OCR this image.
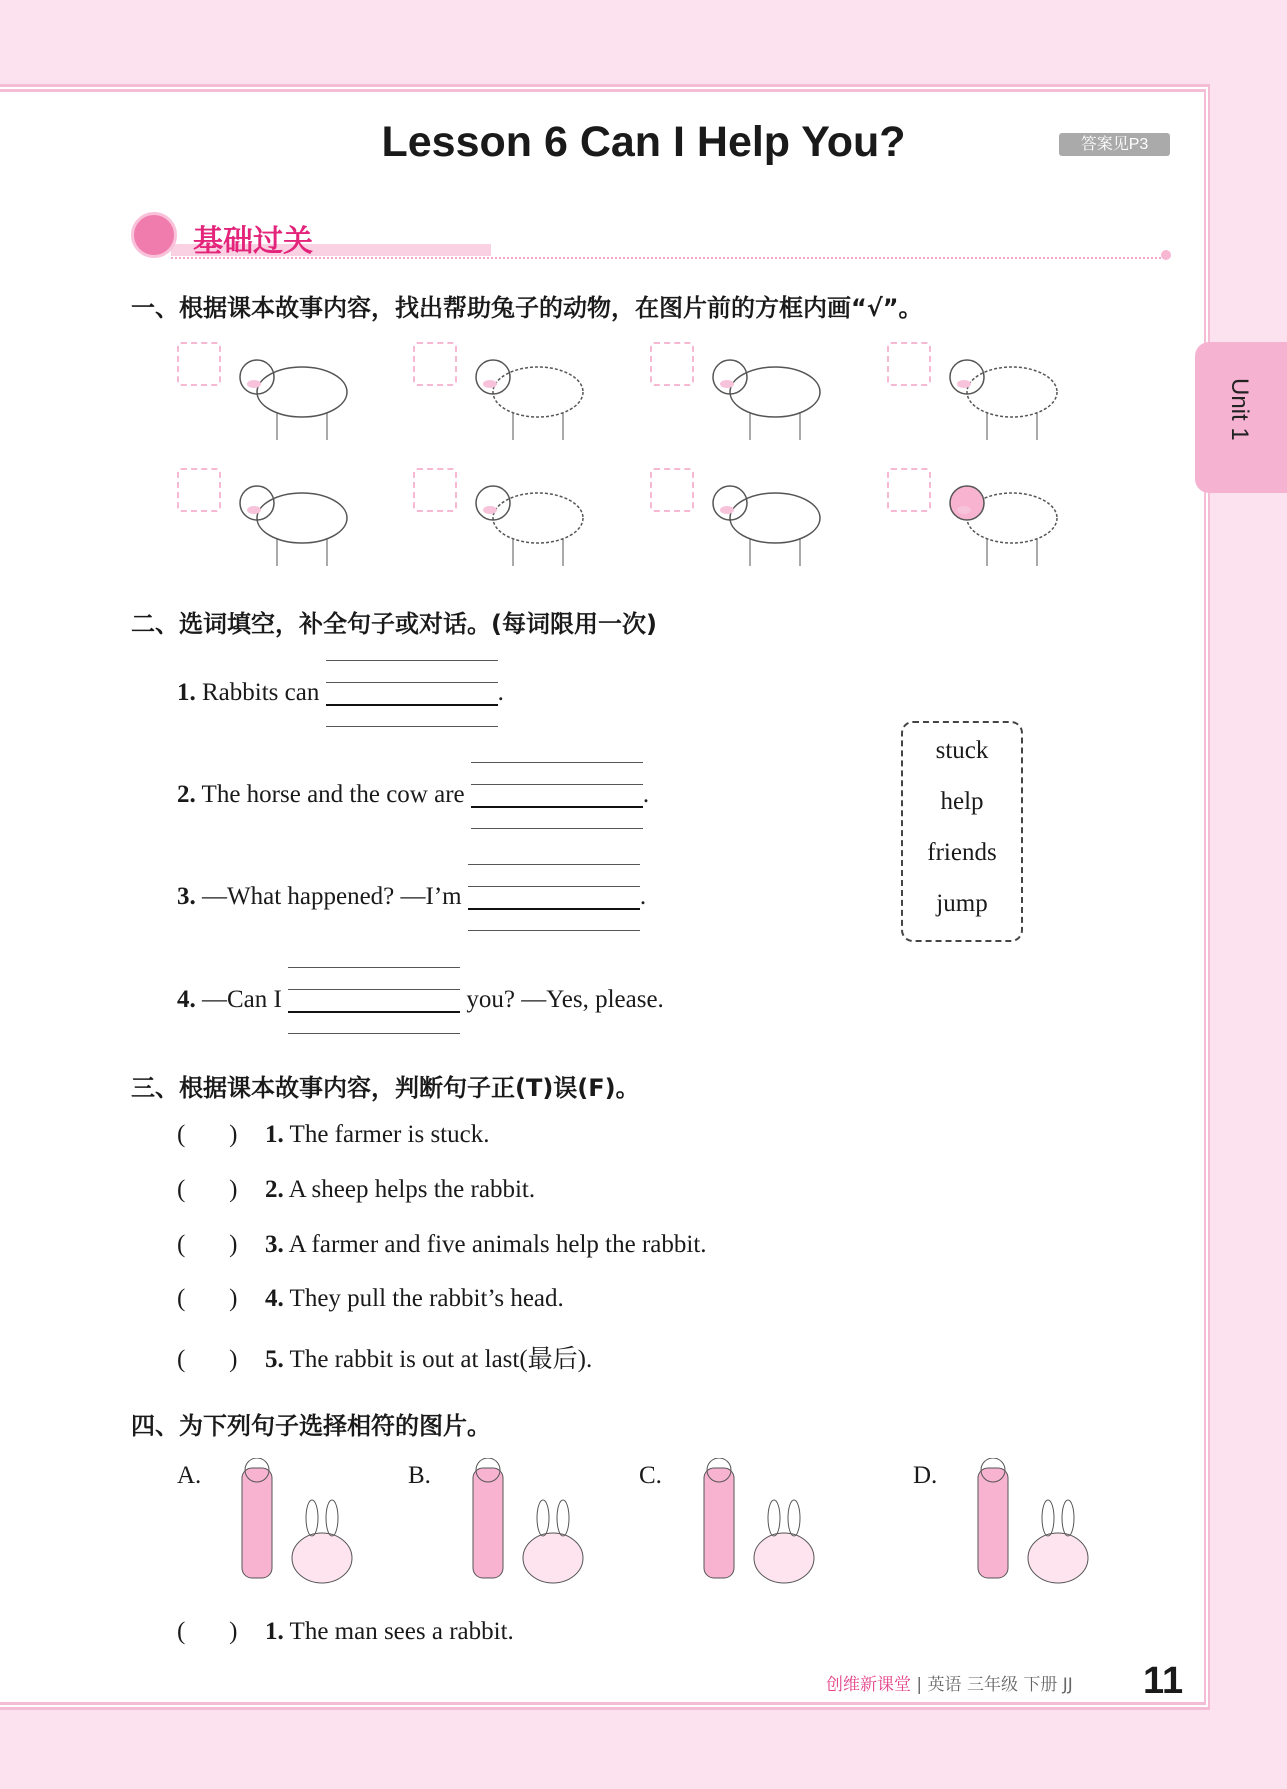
Unit 1
Lesson 6 Can I Help You?	答案见P3
基础过关
一、根据课本故事内容，找出帮助兔子的动物，在图片前的方框内画“√”。
二、选词填空，补全句子或对话。(每词限用一次)
1. Rabbits can	.
2. The horse and the cow are	.
3. —What happened? —I’m	.
4. —Can I	you? —Yes, please.
stuck
help
friends
jump
三、根据课本故事内容，判断句子正(T)误(F)。
(       ) 1. The farmer is stuck.
(       ) 2. A sheep helps the rabbit.
(       ) 3. A farmer and five animals help the rabbit.
(       ) 4. They pull the rabbit’s head.
(       ) 5. The rabbit is out at last(最后).
四、为下列句子选择相符的图片。
A.	B.	C.	D.
(       ) 1. The man sees a rabbit.
创维新课堂 | 英语 三年级 下册 JJ 11
